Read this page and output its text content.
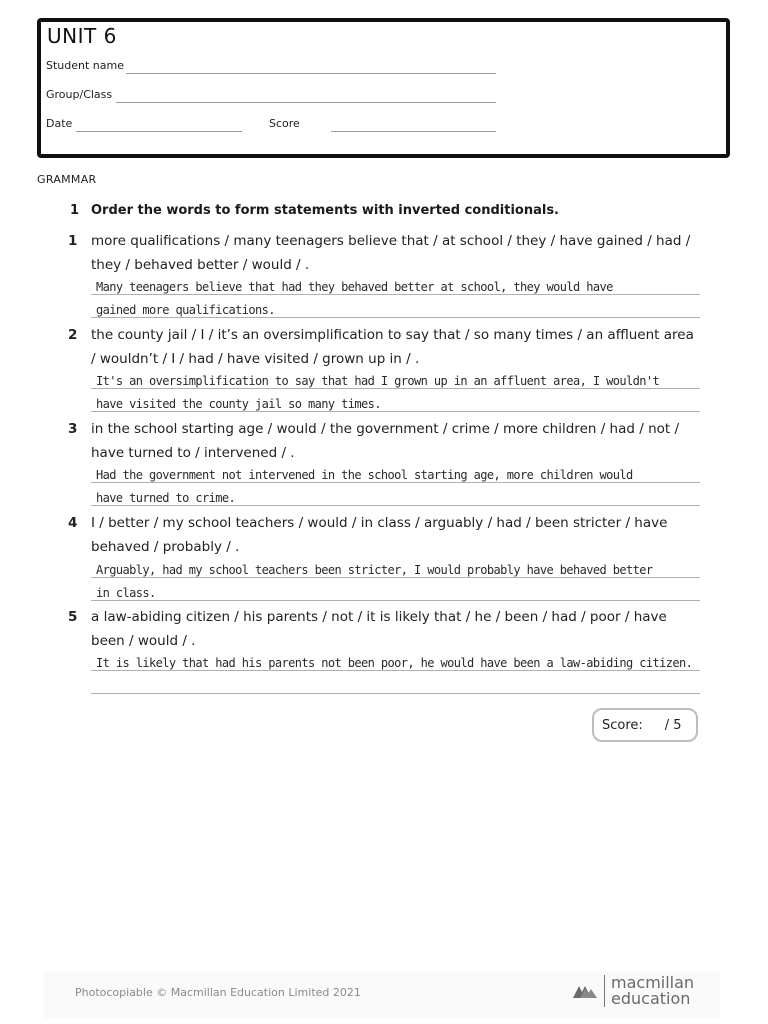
UNIT 6
Student name
Group/Class
Date	Score
GRAMMAR
1 Order the words to form statements with inverted conditionals.
1 more qualifications / many teenagers believe that / at school / they / have gained / had / they / behaved better / would / .
Many teenagers believe that had they behaved better at school, they would have
gained more qualifications.
2 the county jail / I / it’s an oversimplification to say that / so many times / an affluent area / wouldn’t / I / had / have visited / grown up in / .
It's an oversimplification to say that had I grown up in an affluent area, I wouldn't
have visited the county jail so many times.
3 in the school starting age / would / the government / crime / more children / had / not / have turned to / intervened / .
Had the government not intervened in the school starting age, more children would
have turned to crime.
4 I / better / my school teachers / would / in class / arguably / had / been stricter / have behaved / probably / .
Arguably, had my school teachers been stricter, I would probably have behaved better
in class.
5 a law-abiding citizen / his parents / not / it is likely that / he / been / had / poor / have been / would / .
It is likely that had his parents not been poor, he would have been a law-abiding citizen.
Score: / 5
Photocopiable © Macmillan Education Limited 2021
macmillan
education
